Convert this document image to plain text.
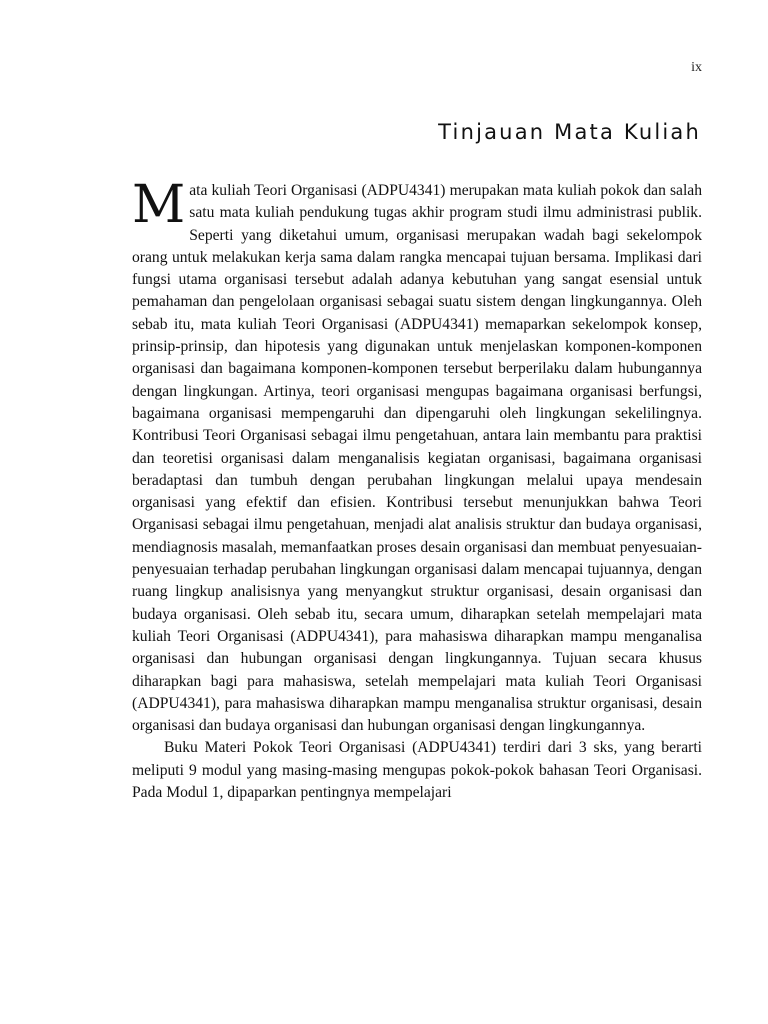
ix
Tinjauan Mata Kuliah

Mata kuliah Teori Organisasi (ADPU4341) merupakan mata kuliah pokok dan salah satu mata kuliah pendukung tugas akhir program studi ilmu administrasi publik. Seperti yang diketahui umum, organisasi merupakan wadah bagi sekelompok orang untuk melakukan kerja sama dalam rangka mencapai tujuan bersama. Implikasi dari fungsi utama organisasi tersebut adalah adanya kebutuhan yang sangat esensial untuk pemahaman dan pengelolaan organisasi sebagai suatu sistem dengan lingkungannya. Oleh sebab itu, mata kuliah Teori Organisasi (ADPU4341) memaparkan sekelompok konsep, prinsip-prinsip, dan hipotesis yang digunakan untuk menjelaskan komponen-komponen organisasi dan bagaimana komponen-komponen tersebut berperilaku dalam hubungannya dengan lingkungan. Artinya, teori organisasi mengupas bagaimana organisasi berfungsi, bagaimana organisasi mempengaruhi dan dipengaruhi oleh lingkungan sekelilingnya. Kontribusi Teori Organisasi sebagai ilmu pengetahuan, antara lain membantu para praktisi dan teoretisi organisasi dalam menganalisis kegiatan organisasi, bagaimana organisasi beradaptasi dan tumbuh dengan perubahan lingkungan melalui upaya mendesain organisasi yang efektif dan efisien. Kontribusi tersebut menunjukkan bahwa Teori Organisasi sebagai ilmu pengetahuan, menjadi alat analisis struktur dan budaya organisasi, mendiagnosis masalah, memanfaatkan proses desain organisasi dan membuat penyesuaian-penyesuaian terhadap perubahan lingkungan organisasi dalam mencapai tujuannya, dengan ruang lingkup analisisnya yang menyangkut struktur organisasi, desain organisasi dan budaya organisasi. Oleh sebab itu, secara umum, diharapkan setelah mempelajari mata kuliah Teori Organisasi (ADPU4341), para mahasiswa diharapkan mampu menganalisa organisasi dan hubungan organisasi dengan lingkungannya. Tujuan secara khusus diharapkan bagi para mahasiswa, setelah mempelajari mata kuliah Teori Organisasi (ADPU4341), para mahasiswa diharapkan mampu menganalisa struktur organisasi, desain organisasi dan budaya organisasi dan hubungan organisasi dengan lingkungannya.

Buku Materi Pokok Teori Organisasi (ADPU4341) terdiri dari 3 sks, yang berarti meliputi 9 modul yang masing-masing mengupas pokok-pokok bahasan Teori Organisasi. Pada Modul 1, dipaparkan pentingnya mempelajari
